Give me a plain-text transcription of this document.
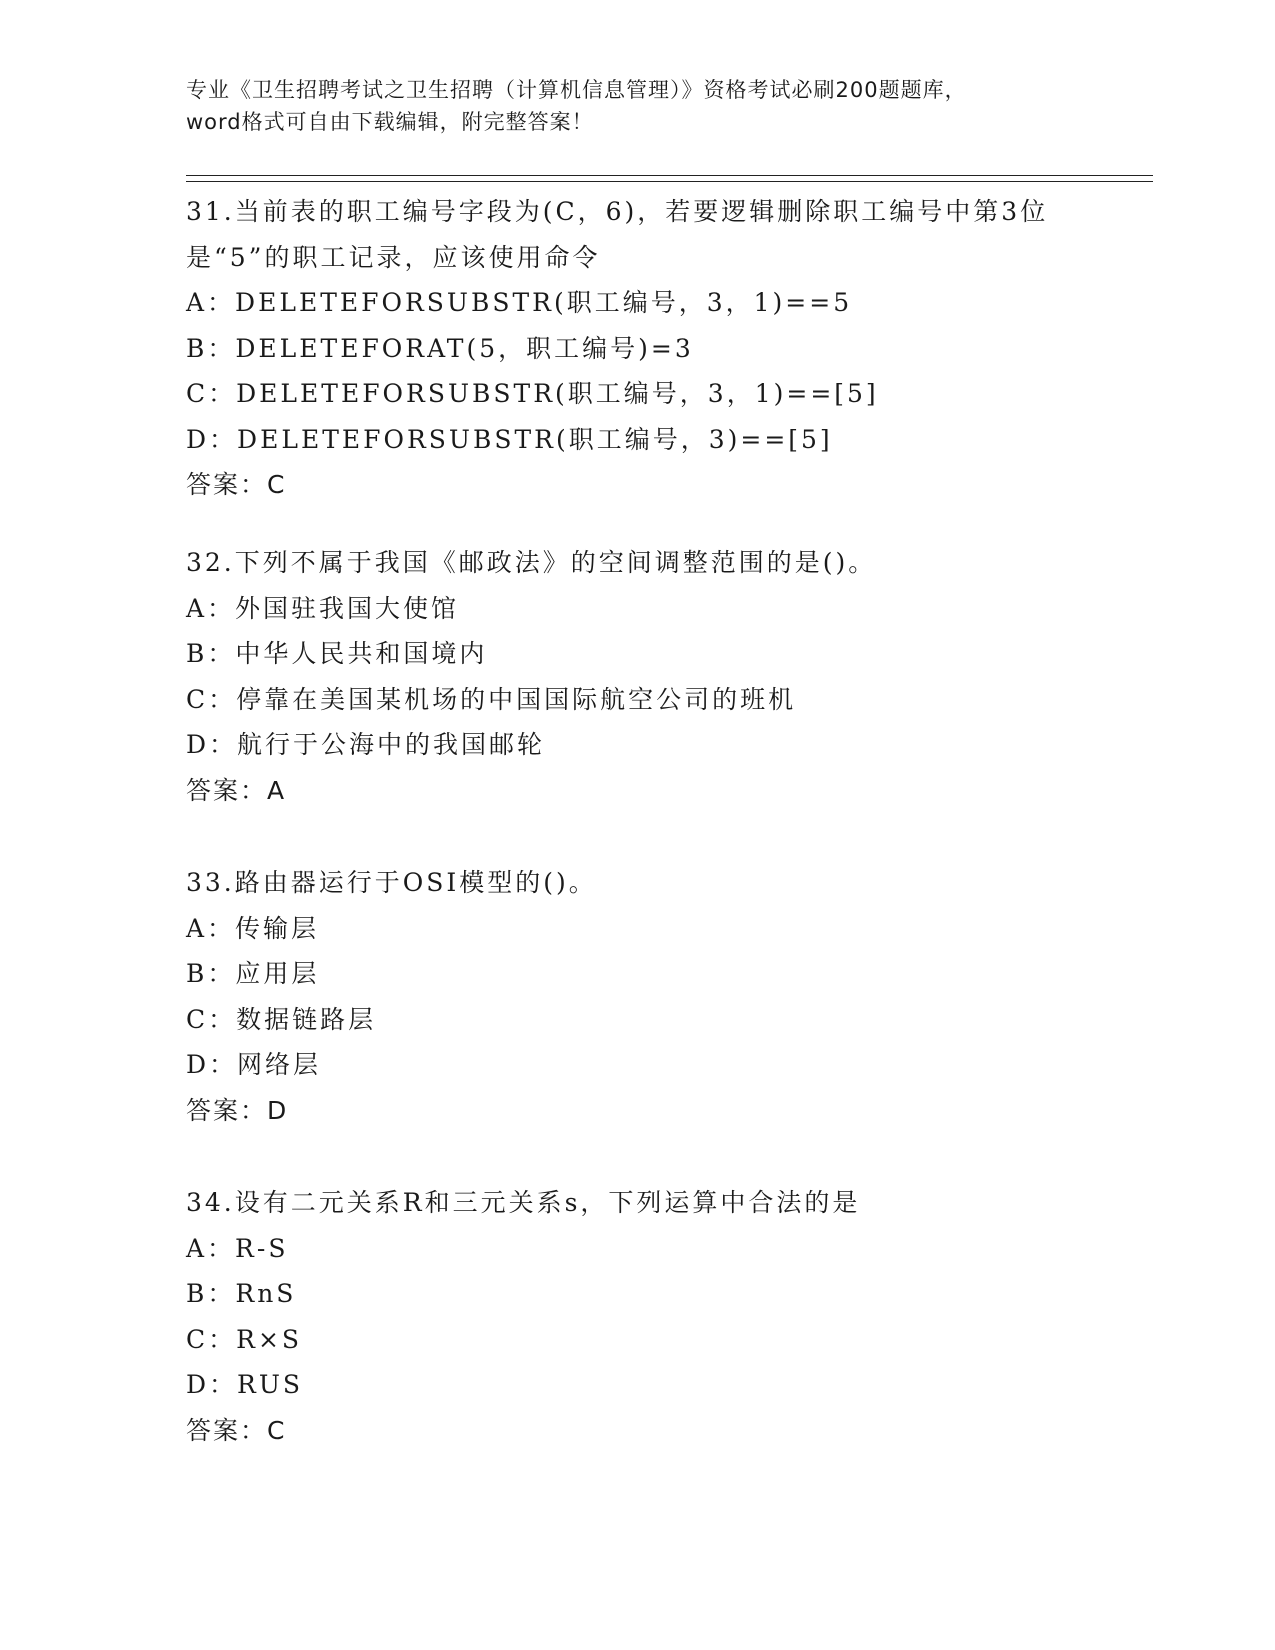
专业《卫生招聘考试之卫生招聘（计算机信息管理）》资格考试必刷200题题库，
word格式可自由下载编辑，附完整答案！
31.当前表的职工编号字段为(C，6)，若要逻辑删除职工编号中第3位
是“5”的职工记录，应该使用命令
A：DELETEFORSUBSTR(职工编号，3，1)==5
B：DELETEFORAT(5，职工编号)=3
C：DELETEFORSUBSTR(职工编号，3，1)==[5]
D：DELETEFORSUBSTR(职工编号，3)==[5]
答案：C
32.下列不属于我国《邮政法》的空间调整范围的是()。
A：外国驻我国大使馆
B：中华人民共和国境内
C：停靠在美国某机场的中国国际航空公司的班机
D：航行于公海中的我国邮轮
答案：A
33.路由器运行于OSI模型的()。
A：传输层
B：应用层
C：数据链路层
D：网络层
答案：D
34.设有二元关系R和三元关系s，下列运算中合法的是
A：R-S
B：RnS
C：R×S
D：RUS
答案：C
